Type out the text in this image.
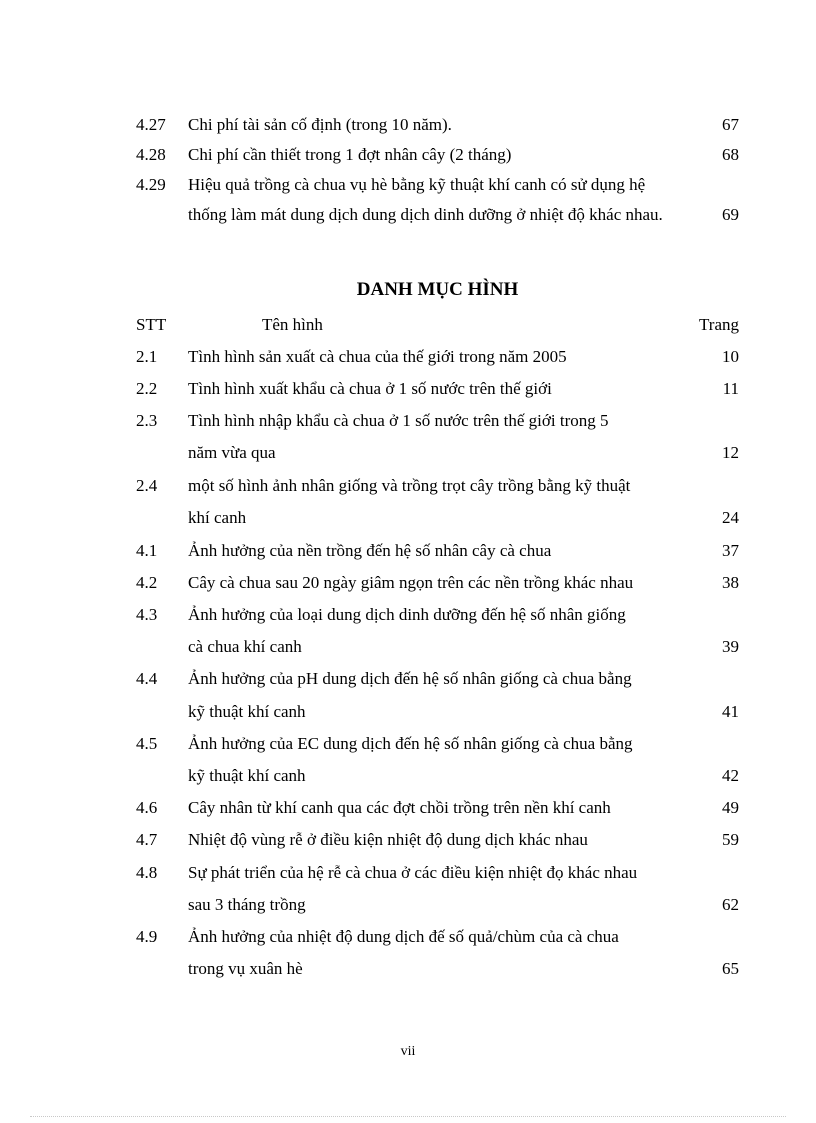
4.27 Chi phí tài sản cố định (trong 10 năm).	67
4.28 Chi phí cần thiết trong 1 đợt nhân cây (2 tháng)	68
4.29 Hiệu quả trồng cà chua vụ hè bằng kỹ thuật khí canh có sử dụng hệ
thống làm mát dung dịch dung dịch dinh dưỡng ở nhiệt độ khác nhau.	69
DANH MỤC HÌNH
STT	Tên hình	Trang
2.1 Tình hình sản xuất cà chua của thế giới trong năm 2005	10
2.2 Tình hình xuất khẩu cà chua ở 1 số nước trên thế giới	11
2.3 Tình hình nhập khẩu cà chua ở 1 số nước trên thế giới trong 5
năm vừa qua	12
2.4 một số hình ảnh nhân giống và trồng trọt cây trồng bằng kỹ thuật
khí canh	24
4.1 Ảnh hưởng của nền trồng đến hệ số nhân cây cà chua	37
4.2 Cây cà chua sau 20 ngày giâm ngọn trên các nền trồng khác nhau	38
4.3 Ảnh hưởng của loại dung dịch dinh dưỡng đến hệ số nhân giống
cà chua khí canh	39
4.4 Ảnh hưởng của pH dung dịch đến hệ số nhân giống cà chua bằng
kỹ thuật khí canh	41
4.5 Ảnh hưởng của EC dung dịch đến hệ số nhân giống cà chua bằng
kỹ thuật khí canh	42
4.6 Cây nhân từ khí canh qua các đợt chồi trồng trên nền khí canh	49
4.7 Nhiệt độ vùng rễ ở điều kiện nhiệt độ dung dịch khác nhau	59
4.8 Sự phát triển của hệ rễ cà chua ở các điều kiện nhiệt đọ khác nhau
sau 3 tháng trồng	62
4.9 Ảnh hưởng của nhiệt độ dung dịch đế số quả/chùm của cà chua
trong vụ xuân hè	65
vii
